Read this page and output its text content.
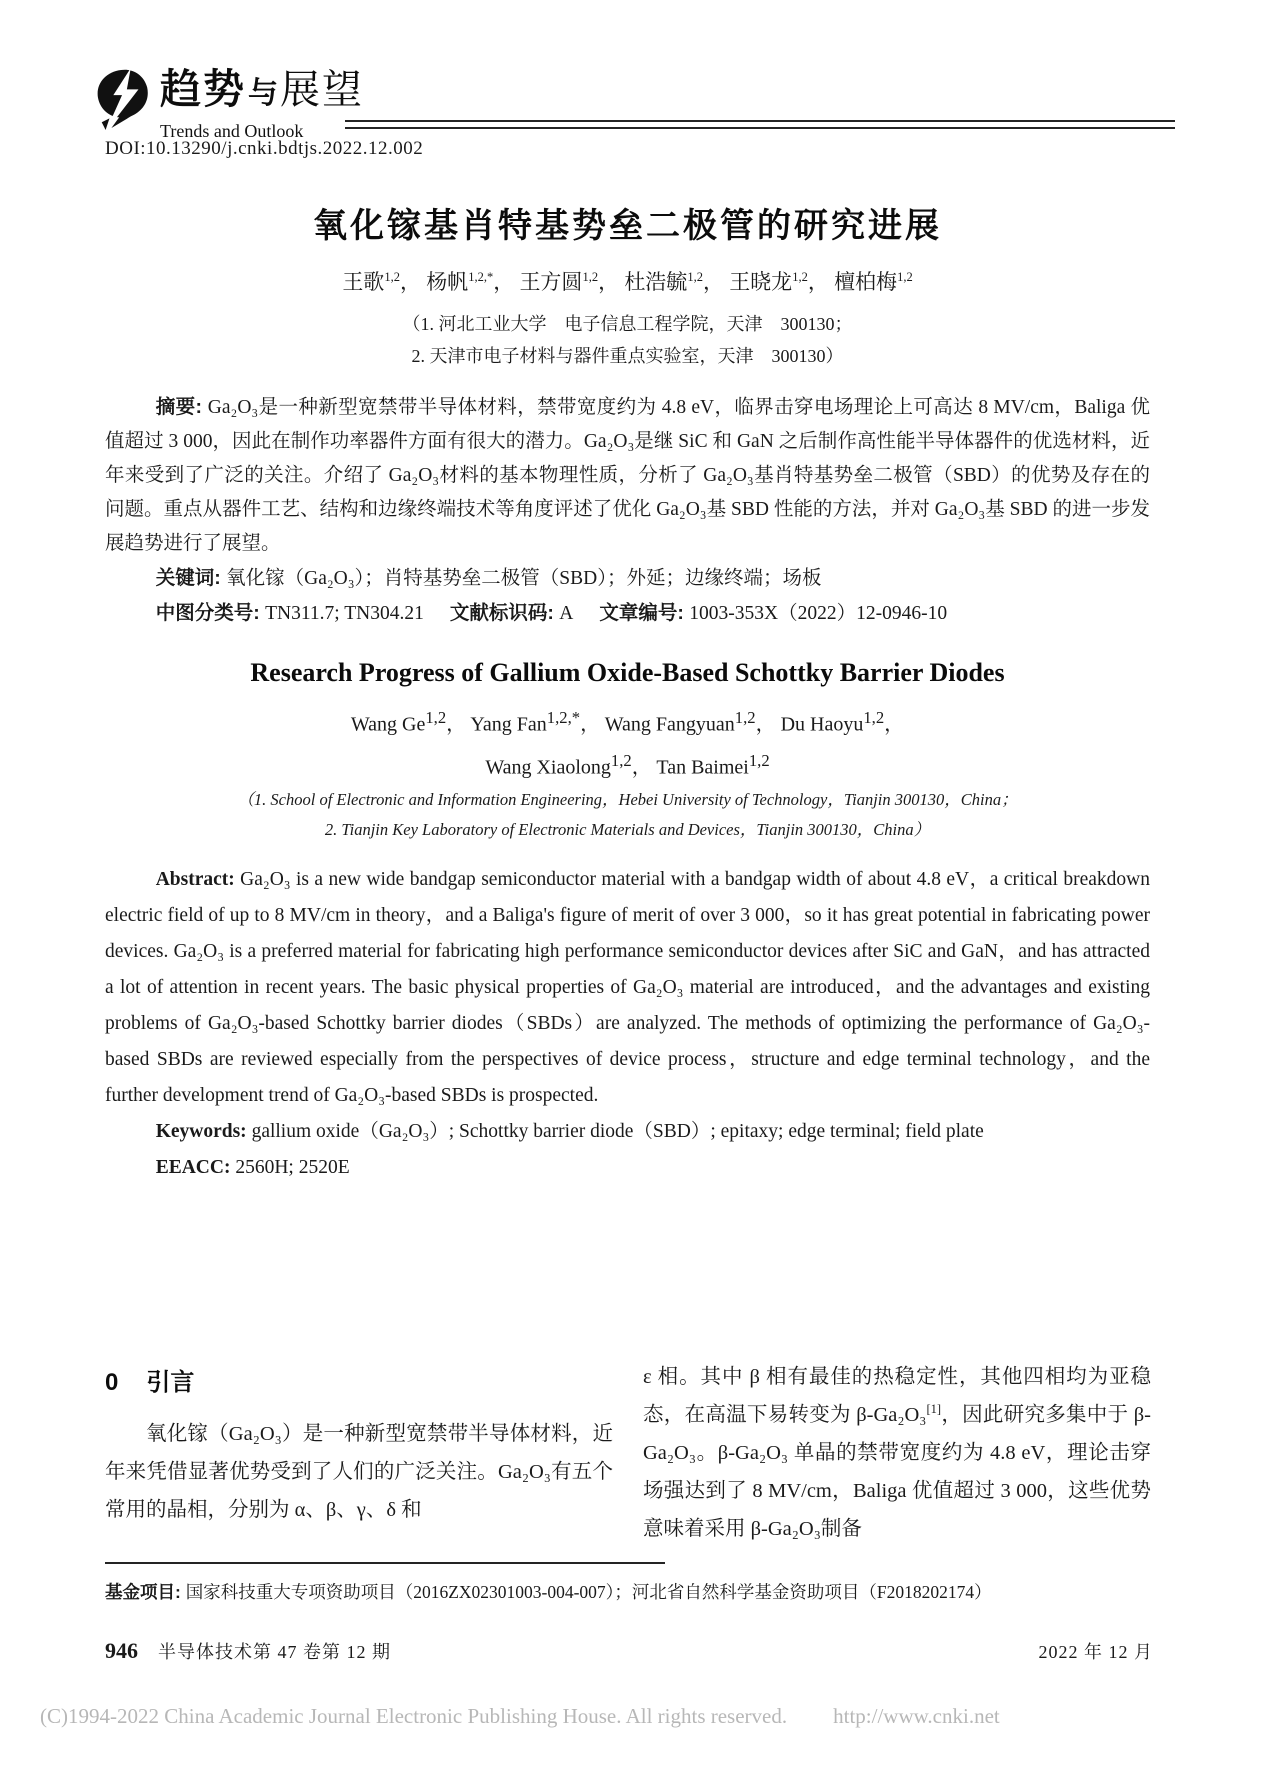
趋势与展望
Trends and Outlook
DOI:10.13290/j.cnki.bdtjs.2022.12.002
氧化镓基肖特基势垒二极管的研究进展
王歌$^{1,2}$， 杨帆$^{1,2,*}$， 王方圆$^{1,2}$， 杜浩毓$^{1,2}$， 王晓龙$^{1,2}$， 檀柏梅$^{1,2}$
（1. 河北工业大学　电子信息工程学院，天津　300130；
2. 天津市电子材料与器件重点实验室，天津　300130）

摘要: Ga₂O₃是一种新型宽禁带半导体材料，禁带宽度约为 4.8 eV，临界击穿电场理论上可高达 8 MV/cm，Baliga 优值超过 3 000，因此在制作功率器件方面有很大的潜力。Ga₂O₃是继 SiC 和 GaN 之后制作高性能半导体器件的优选材料，近年来受到了广泛的关注。介绍了 Ga₂O₃材料的基本物理性质，分析了 Ga₂O₃基肖特基势垒二极管（SBD）的优势及存在的问题。重点从器件工艺、结构和边缘终端技术等角度评述了优化 Ga₂O₃基 SBD 性能的方法，并对 Ga₂O₃基 SBD 的进一步发展趋势进行了展望。

关键词: 氧化镓（Ga₂O₃）；肖特基势垒二极管（SBD）；外延；边缘终端；场板

中图分类号: TN311.7; TN304.21 文献标识码: A 文章编号: 1003-353X（2022）12-0946-10

Research Progress of Gallium Oxide-Based Schottky Barrier Diodes
Wang Ge$^{1,2}$， Yang Fan$^{1,2,*}$， Wang Fangyuan$^{1,2}$， Du Haoyu$^{1,2}$，
Wang Xiaolong$^{1,2}$， Tan Baimei$^{1,2}$
（1. School of Electronic and Information Engineering，Hebei University of Technology，Tianjin 300130，China；
2. Tianjin Key Laboratory of Electronic Materials and Devices，Tianjin 300130，China）

Abstract: Ga₂O₃ is a new wide bandgap semiconductor material with a bandgap width of about 4.8 eV，a critical breakdown electric field of up to 8 MV/cm in theory，and a Baliga's figure of merit of over 3 000，so it has great potential in fabricating power devices. Ga₂O₃ is a preferred material for fabricating high performance semiconductor devices after SiC and GaN，and has attracted a lot of attention in recent years. The basic physical properties of Ga₂O₃ material are introduced，and the advantages and existing problems of Ga₂O₃-based Schottky barrier diodes（SBDs）are analyzed. The methods of optimizing the performance of Ga₂O₃-based SBDs are reviewed especially from the perspectives of device process，structure and edge terminal technology，and the further development trend of Ga₂O₃-based SBDs is prospected.

Keywords: gallium oxide（Ga₂O₃）; Schottky barrier diode（SBD）; epitaxy; edge terminal; field plate

EEACC: 2560H; 2520E

0 引言

氧化镓（Ga₂O₃）是一种新型宽禁带半导体材料，近年来凭借显著优势受到了人们的广泛关注。Ga₂O₃有五个常用的晶相，分别为 α、β、γ、δ 和

ε 相。其中 β 相有最佳的热稳定性，其他四相均为亚稳态，在高温下易转变为 β-Ga₂O₃[1]，因此研究多集中于 β-Ga₂O₃。β-Ga₂O₃ 单晶的禁带宽度约为 4.8 eV，理论击穿场强达到了 8 MV/cm，Baliga 优值超过 3 000，这些优势意味着采用 β-Ga₂O₃制备

基金项目: 国家科技重大专项资助项目（2016ZX02301003-004-007）；河北省自然科学基金资助项目（F2018202174）
946 半导体技术第 47 卷第 12 期	2022 年 12 月
(C)1994-2022 China Academic Journal Electronic Publishing House. All rights reserved. http://www.cnki.net
